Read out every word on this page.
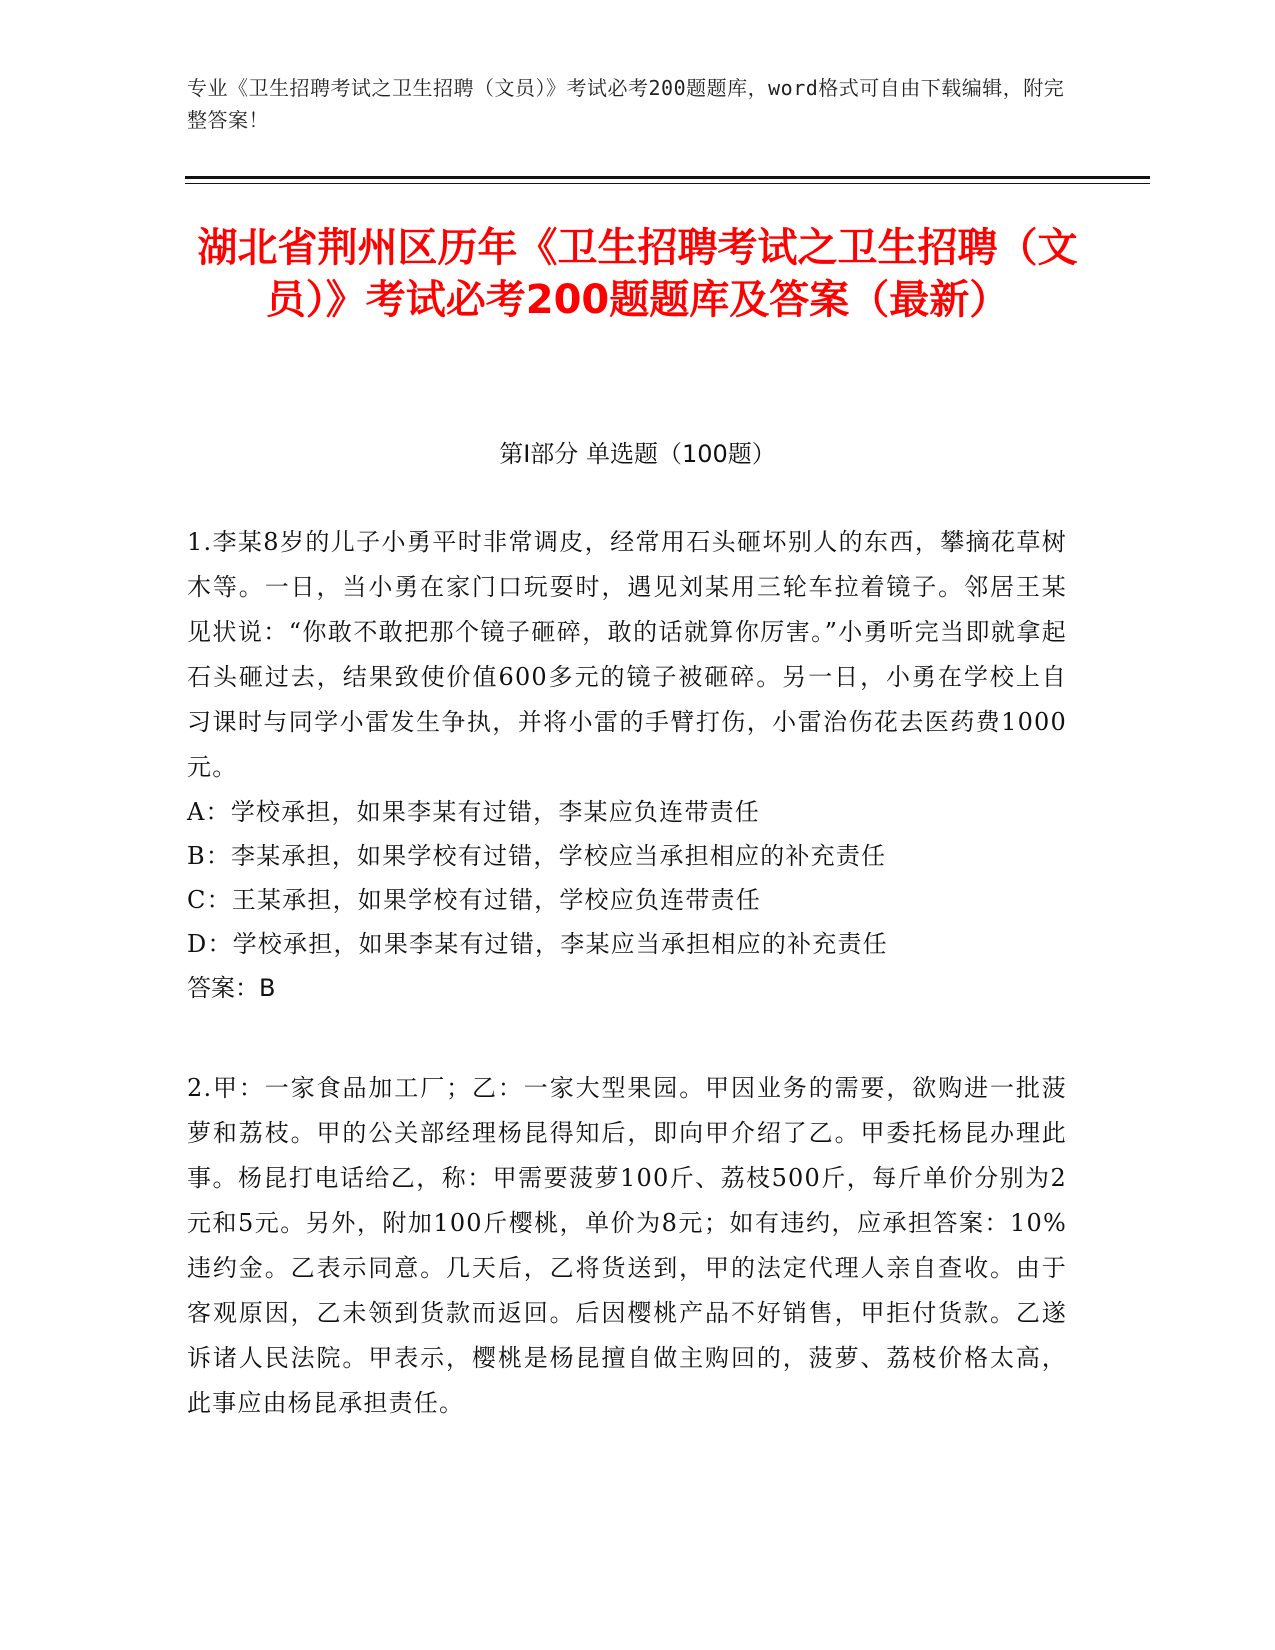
专业《卫生招聘考试之卫生招聘（文员）》考试必考200题题库，word格式可自由下载编辑，附完整答案！
湖北省荆州区历年《卫生招聘考试之卫生招聘（文员）》考试必考200题题库及答案（最新）
第I部分 单选题（100题）

1.李某8岁的儿子小勇平时非常调皮，经常用石头砸坏别人的东西，攀摘花草树木等。一日，当小勇在家门口玩耍时，遇见刘某用三轮车拉着镜子。邻居王某见状说：“你敢不敢把那个镜子砸碎，敢的话就算你厉害。”小勇听完当即就拿起石头砸过去，结果致使价值600多元的镜子被砸碎。另一日，小勇在学校上自习课时与同学小雷发生争执，并将小雷的手臂打伤，小雷治伤花去医药费1000元。

A：学校承担，如果李某有过错，李某应负连带责任

B：李某承担，如果学校有过错，学校应当承担相应的补充责任

C：王某承担，如果学校有过错，学校应负连带责任

D：学校承担，如果李某有过错，李某应当承担相应的补充责任

答案：B

2.甲：一家食品加工厂；乙：一家大型果园。甲因业务的需要，欲购进一批菠萝和荔枝。甲的公关部经理杨昆得知后，即向甲介绍了乙。甲委托杨昆办理此事。杨昆打电话给乙，称：甲需要菠萝100斤、荔枝500斤，每斤单价分别为2元和5元。另外，附加100斤樱桃，单价为8元；如有违约，应承担答案：10%违约金。乙表示同意。几天后，乙将货送到，甲的法定代理人亲自查收。由于客观原因，乙未领到货款而返回。后因樱桃产品不好销售，甲拒付货款。乙遂诉诸人民法院。甲表示，樱桃是杨昆擅自做主购回的，菠萝、荔枝价格太高，此事应由杨昆承担责任。
